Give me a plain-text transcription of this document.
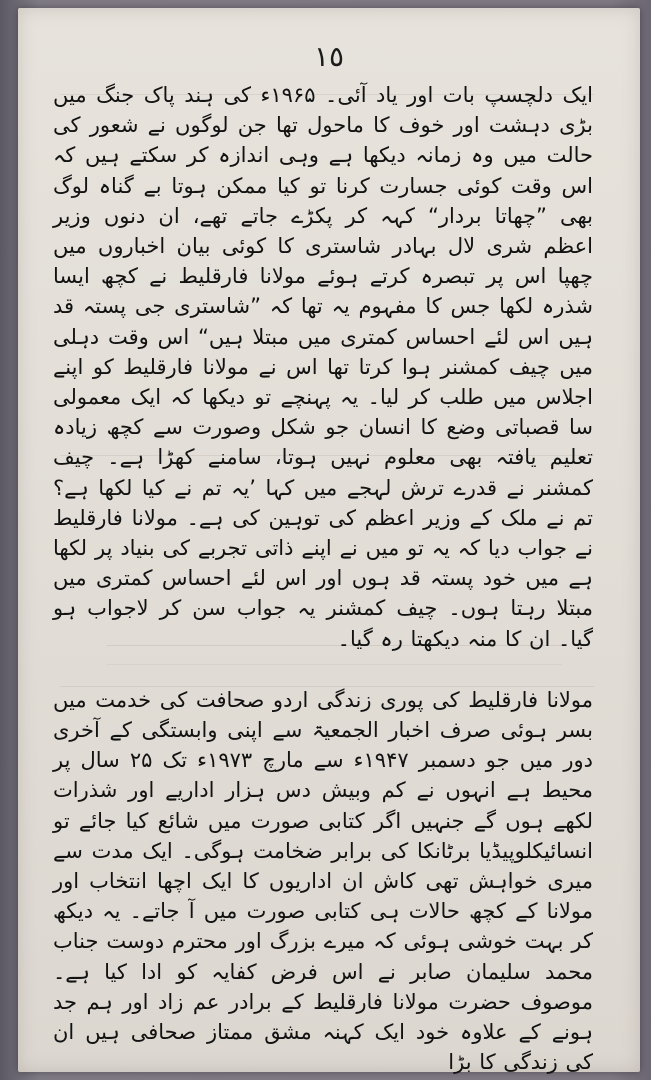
١٥

ایک دلچسپ بات اور یاد آئی۔ ۱۹۶۵ء کی ہند پاک جنگ میں بڑی دہشت اور خوف کا ماحول تھا جن لوگوں نے شعور کی حالت میں وہ زمانہ دیکھا ہے وہی اندازہ کر سکتے ہیں کہ اس وقت کوئی جسارت کرنا تو کیا ممکن ہوتا بے گناہ لوگ بھی ”چھاتا بردار“ کہہ کر پکڑے جاتے تھے، ان دنوں وزیر اعظم شری لال بہادر شاستری کا کوئی بیان اخباروں میں چھپا اس پر تبصرہ کرتے ہوئے مولانا فارقلیط نے کچھ ایسا شذرہ لکھا جس کا مفہوم یہ تھا کہ ”شاستری جی پستہ قد ہیں اس لئے احساس کمتری میں مبتلا ہیں“ اس وقت دہلی میں چیف کمشنر ہوا کرتا تھا اس نے مولانا فارقلیط کو اپنے اجلاس میں طلب کر لیا۔ یہ پہنچے تو دیکھا کہ ایک معمولی سا قصباتی وضع کا انسان جو شکل وصورت سے کچھ زیادہ تعلیم یافتہ بھی معلوم نہیں ہوتا، سامنے کھڑا ہے۔ چیف کمشنر نے قدرے ترش لہجے میں کہا ’یہ تم نے کیا لکھا ہے؟ تم نے ملک کے وزیر اعظم کی توہین کی ہے۔ مولانا فارقلیط نے جواب دیا کہ یہ تو میں نے اپنے ذاتی تجربے کی بنیاد پر لکھا ہے میں خود پستہ قد ہوں اور اس لئے احساس کمتری میں مبتلا رہتا ہوں۔ چیف کمشنر یہ جواب سن کر لاجواب ہو گیا۔ ان کا منہ دیکھتا رہ گیا۔

مولانا فارقلیط کی پوری زندگی اردو صحافت کی خدمت میں بسر ہوئی صرف اخبار الجمعیۃ سے اپنی وابستگی کے آخری دور میں جو دسمبر ۱۹۴۷ء سے مارچ ۱۹۷۳ء تک ۲۵ سال پر محیط ہے انہوں نے کم وبیش دس ہزار اداریے اور شذرات لکھے ہوں گے جنہیں اگر کتابی صورت میں شائع کیا جائے تو انسائیکلوپیڈیا برٹانکا کی برابر ضخامت ہوگی۔ ایک مدت سے میری خواہش تھی کاش ان اداریوں کا ایک اچھا انتخاب اور مولانا کے کچھ حالات ہی کتابی صورت میں آ جاتے۔ یہ دیکھ کر بہت خوشی ہوئی کہ میرے بزرگ اور محترم دوست جناب محمد سلیمان صابر نے اس فرض کفایہ کو ادا کیا ہے۔ موصوف حضرت مولانا فارقلیط کے برادر عم زاد اور ہم جد ہونے کے علاوہ خود ایک کہنہ مشق ممتاز صحافی ہیں ان کی زندگی کا بڑا
